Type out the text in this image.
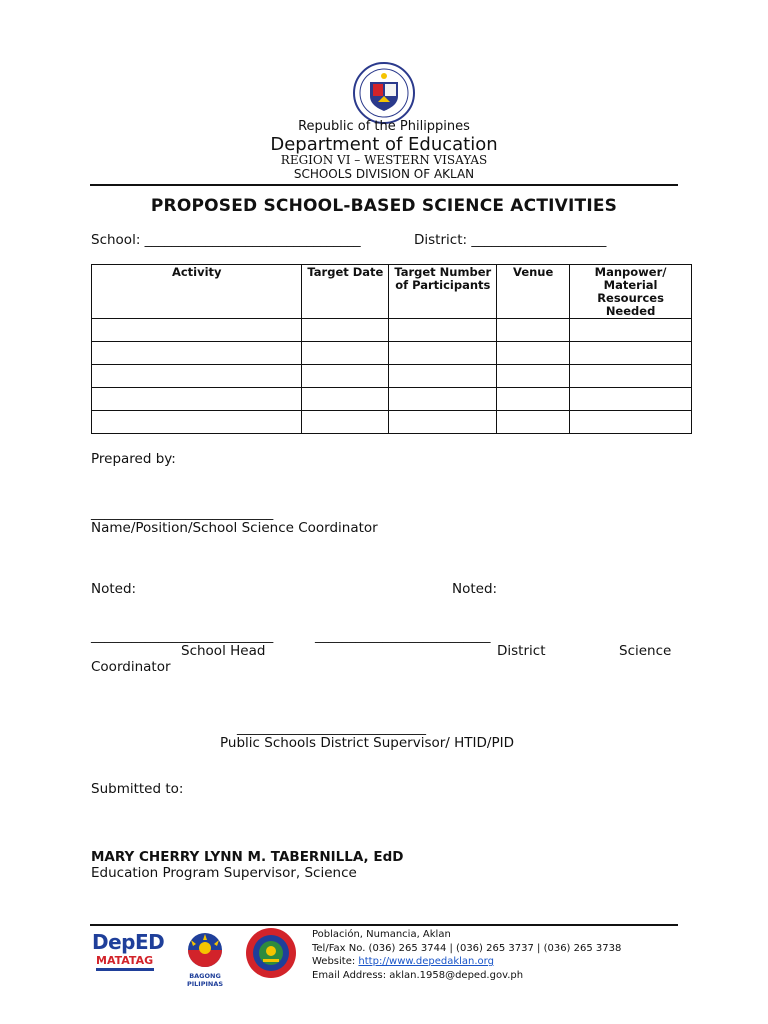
Republic of the Philippines
Department of Education
REGION VI – WESTERN VISAYAS
SCHOOLS DIVISION OF AKLAN
PROPOSED SCHOOL-BASED SCIENCE ACTIVITIES
School: ________________________________	District: ____________________
Activity	Target Date	Target Number of Participants	Venue	Manpower/ Material Resources Needed

Prepared by:
___________________________
Name/Position/School Science Coordinator
Noted:	Noted:
___________________________	__________________________
School Head	District	Science
Coordinator
____________________________
Public Schools District Supervisor/ HTID/PID
Submitted to:
MARY CHERRY LYNN M. TABERNILLA, EdD
Education Program Supervisor, Science
DepED
MATATAG
BAGONG PILIPINAS
Población, Numancia, Aklan
Tel/Fax No. (036) 265 3744 | (036) 265 3737 | (036) 265 3738
Website: http://www.depedaklan.org
Email Address: aklan.1958@deped.gov.ph
